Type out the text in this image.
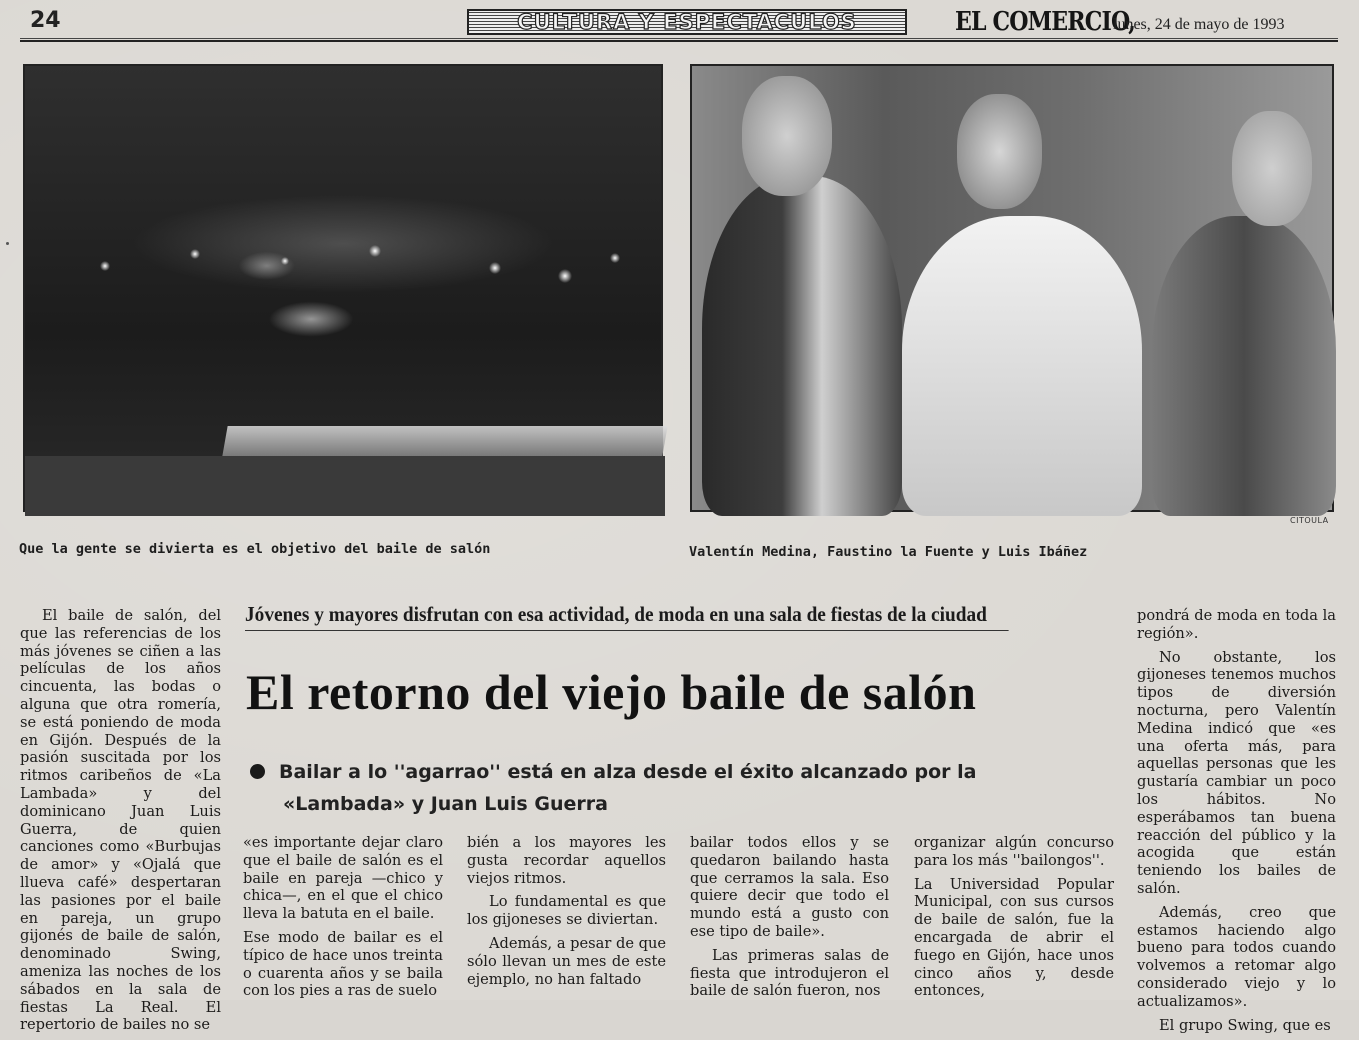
24	CULTURA Y ESPECTACULOS	EL COMERCIO,
lunes, 24 de mayo de 1993
CITOULA
Que la gente se divierta es el objetivo del baile de salón	Valentín Medina, Faustino la Fuente y Luis Ibáñez

El baile de salón, del que las referencias de los más jóvenes se ciñen a las películas de los años cincuenta, las bodas o alguna que otra romería, se está poniendo de moda en Gijón. Después de la pasión suscitada por los ritmos caribeños de «La Lambada» y del dominicano Juan Luis Guerra, de quien canciones como «Burbujas de amor» y «Ojalá que llueva café» despertaran las pasiones por el baile en pareja, un grupo gijonés de baile de salón, denominado Swing, ameniza las noches de los sábados en la sala de fiestas La Real. El repertorio de bailes no se

Jóvenes y mayores disfrutan con esa actividad, de moda en una sala de fiestas de la ciudad
El retorno del viejo baile de salón
Bailar a lo ''agarrao'' está en alza desde el éxito alcanzado por la
«Lambada» y Juan Luis Guerra

«es importante dejar claro que el baile de salón es el baile en pareja —chico y chica—, en el que el chico lleva la batuta en el baile.

Ese modo de bailar es el típico de hace unos treinta o cuarenta años y se baila con los pies a ras de suelo

bién a los mayores les gusta recordar aquellos viejos ritmos.

Lo fundamental es que los gijoneses se diviertan.

Además, a pesar de que sólo llevan un mes de este ejemplo, no han faltado

bailar todos ellos y se quedaron bailando hasta que cerramos la sala. Eso quiere decir que todo el mundo está a gusto con ese tipo de baile».

Las primeras salas de fiesta que introdujeron el baile de salón fueron, nos

organizar algún concurso para los más ''bailongos''.

La Universidad Popular Municipal, con sus cursos de baile de salón, fue la encargada de abrir el fuego en Gijón, hace unos cinco años y, desde entonces,

pondrá de moda en toda la región».

No obstante, los gijoneses tenemos muchos tipos de diversión nocturna, pero Valentín Medina indicó que «es una oferta más, para aquellas personas que les gustaría cambiar un poco los hábitos. No esperábamos tan buena reacción del público y la acogida que están teniendo los bailes de salón.

Además, creo que estamos haciendo algo bueno para todos cuando volvemos a retomar algo considerado viejo y lo actualizamos».

El grupo Swing, que es
